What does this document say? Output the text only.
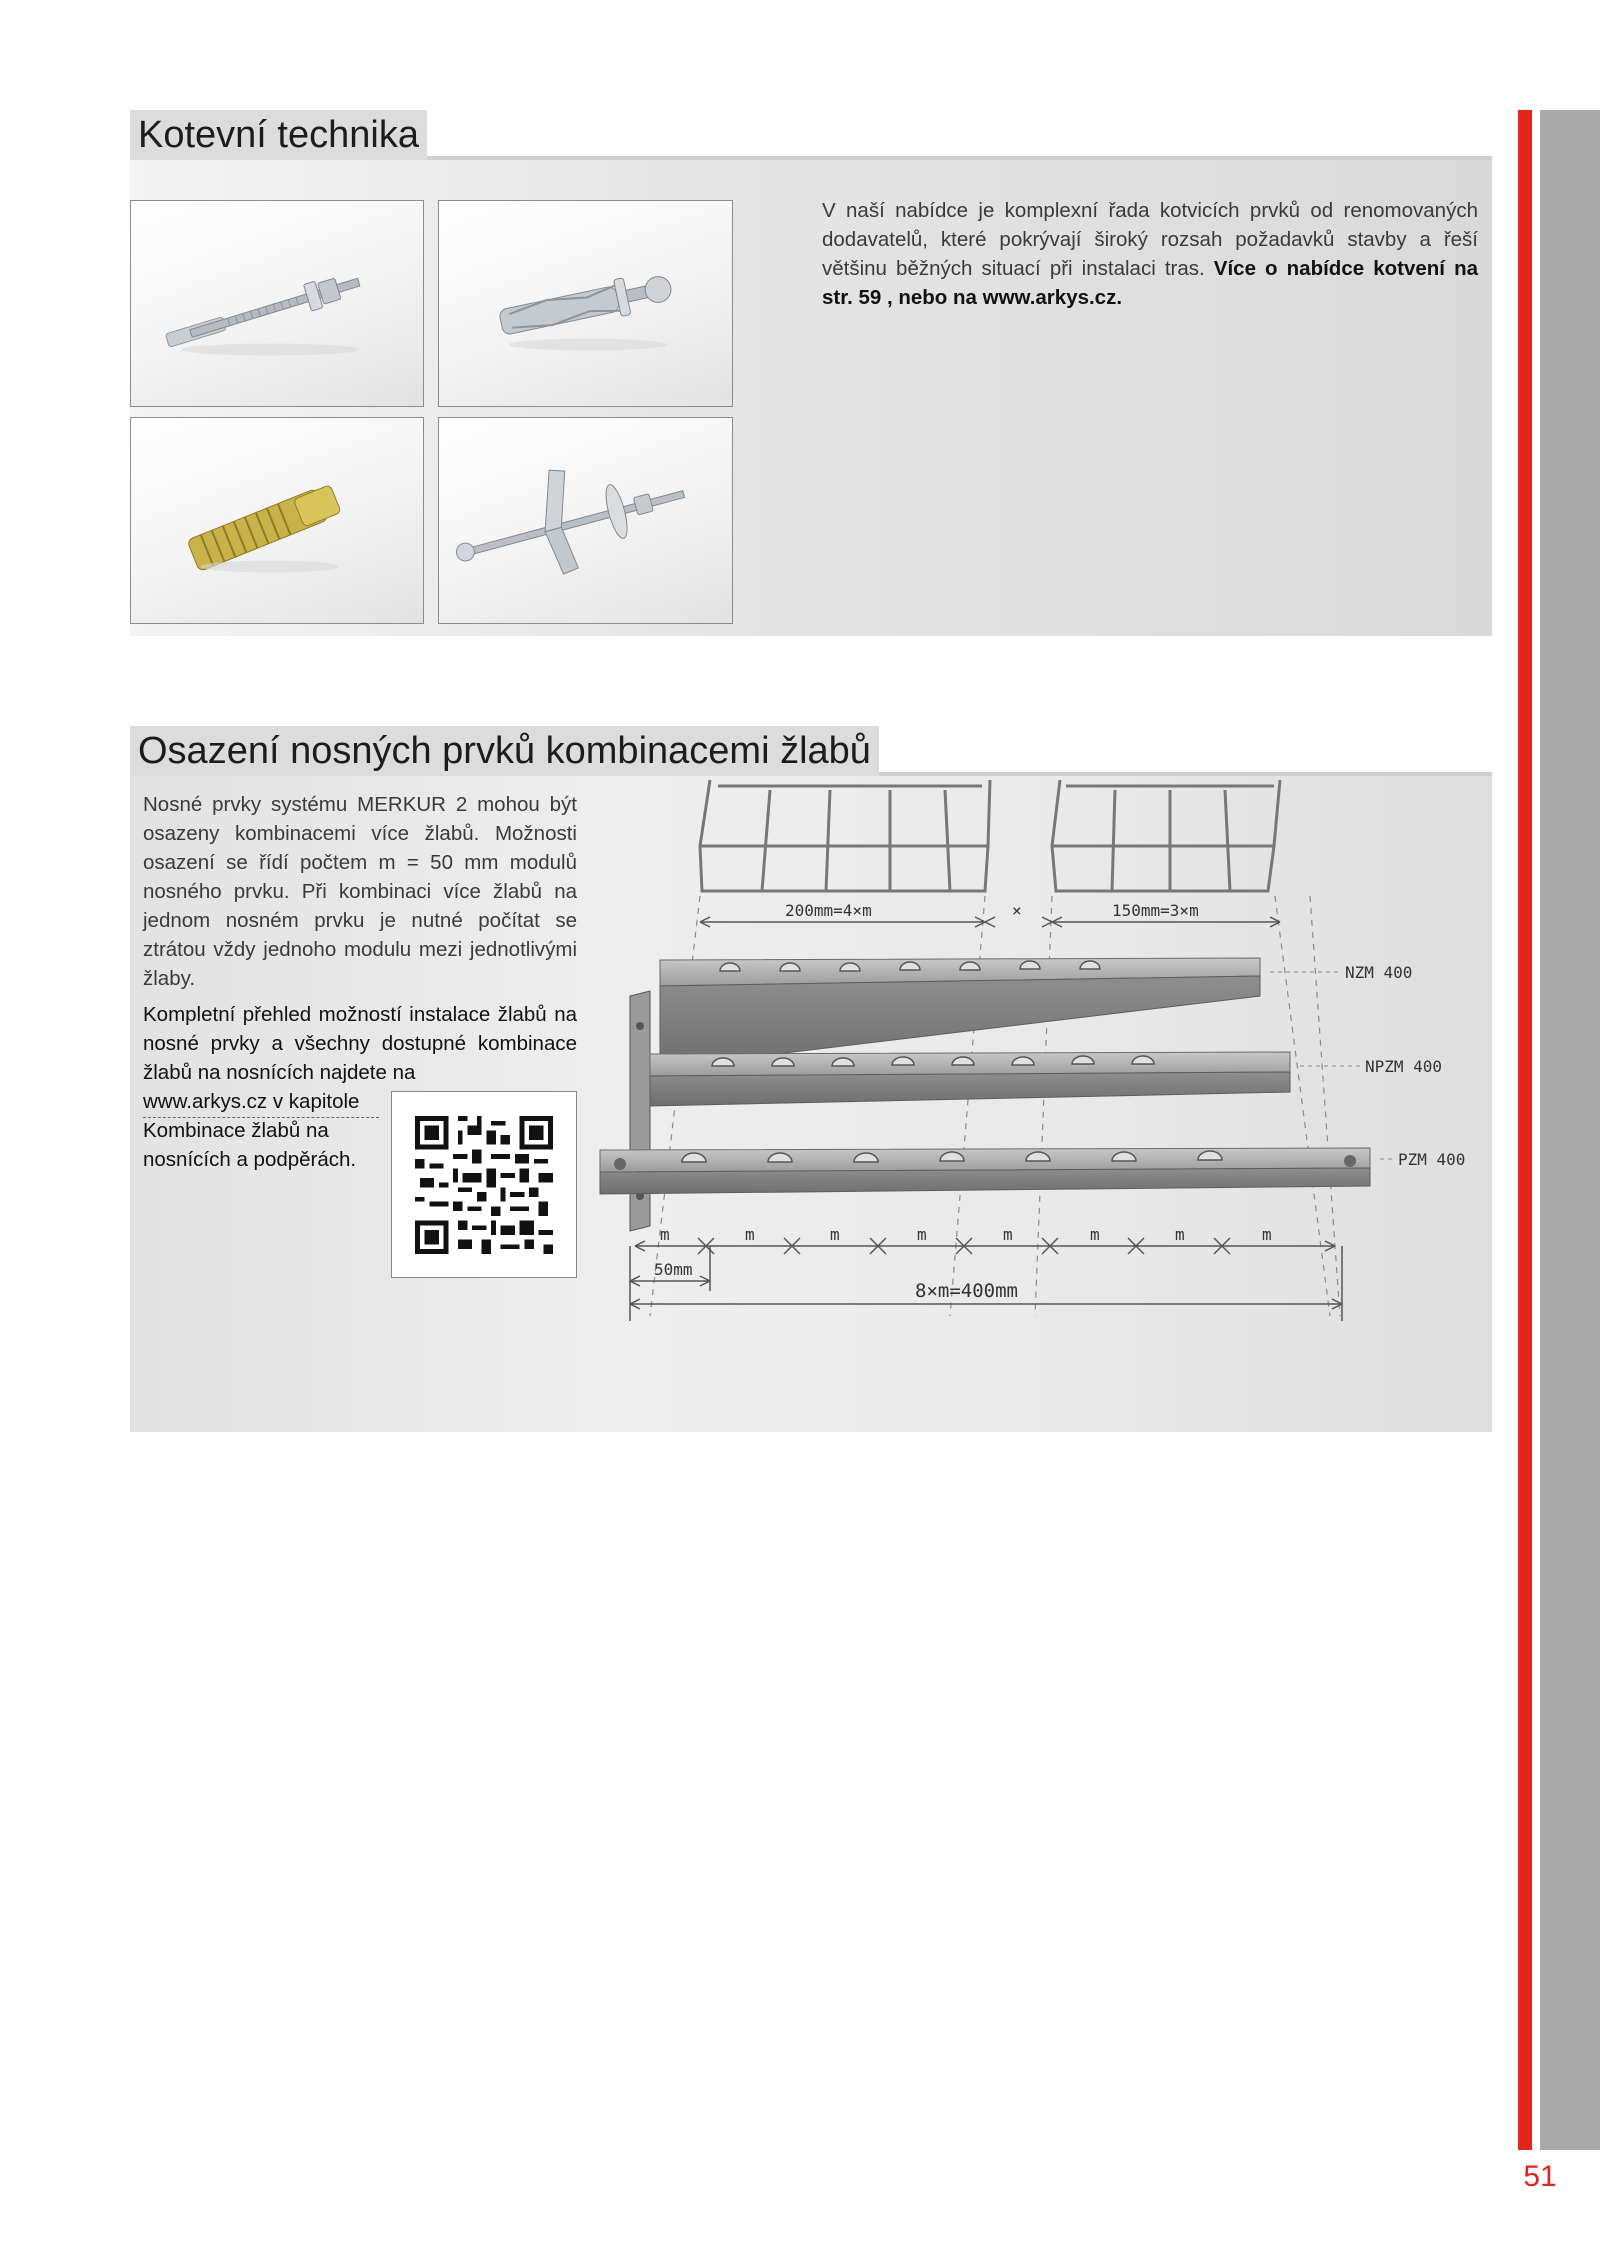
51
Kotevní technika
V naší nabídce je komplexní řada kotvicích prvků od renomovaných dodavatelů, které pokrývají široký rozsah požadavků stavby a řeší většinu běžných situací při instalaci tras. Více o nabídce kotvení na str. 59 , nebo na www.arkys.cz.
Osazení nosných prvků kombinacemi žlabů
Nosné prvky systému MERKUR 2 mohou být osazeny kombinacemi více žlabů. Možnosti osazení se řídí počtem m = 50 mm modulů nosného prvku. Při kombinaci více žlabů na jednom nosném prvku je nutné počítat se ztrátou vždy jednoho modulu mezi jednotlivými žlaby.
Kompletní přehled možností instalace žlabů na nosné prvky a všechny dostupné kombinace žlabů na nosnících najdete na
www.arkys.cz v kapitole Kombinace žlabů na nosnících a podpěrách.
200mm=4×m	×	150mm=3×m
NZM 400
NPZM 400
PZM 400
m	m	m	m	m	m	m	m
50mm
8×m=400mm
